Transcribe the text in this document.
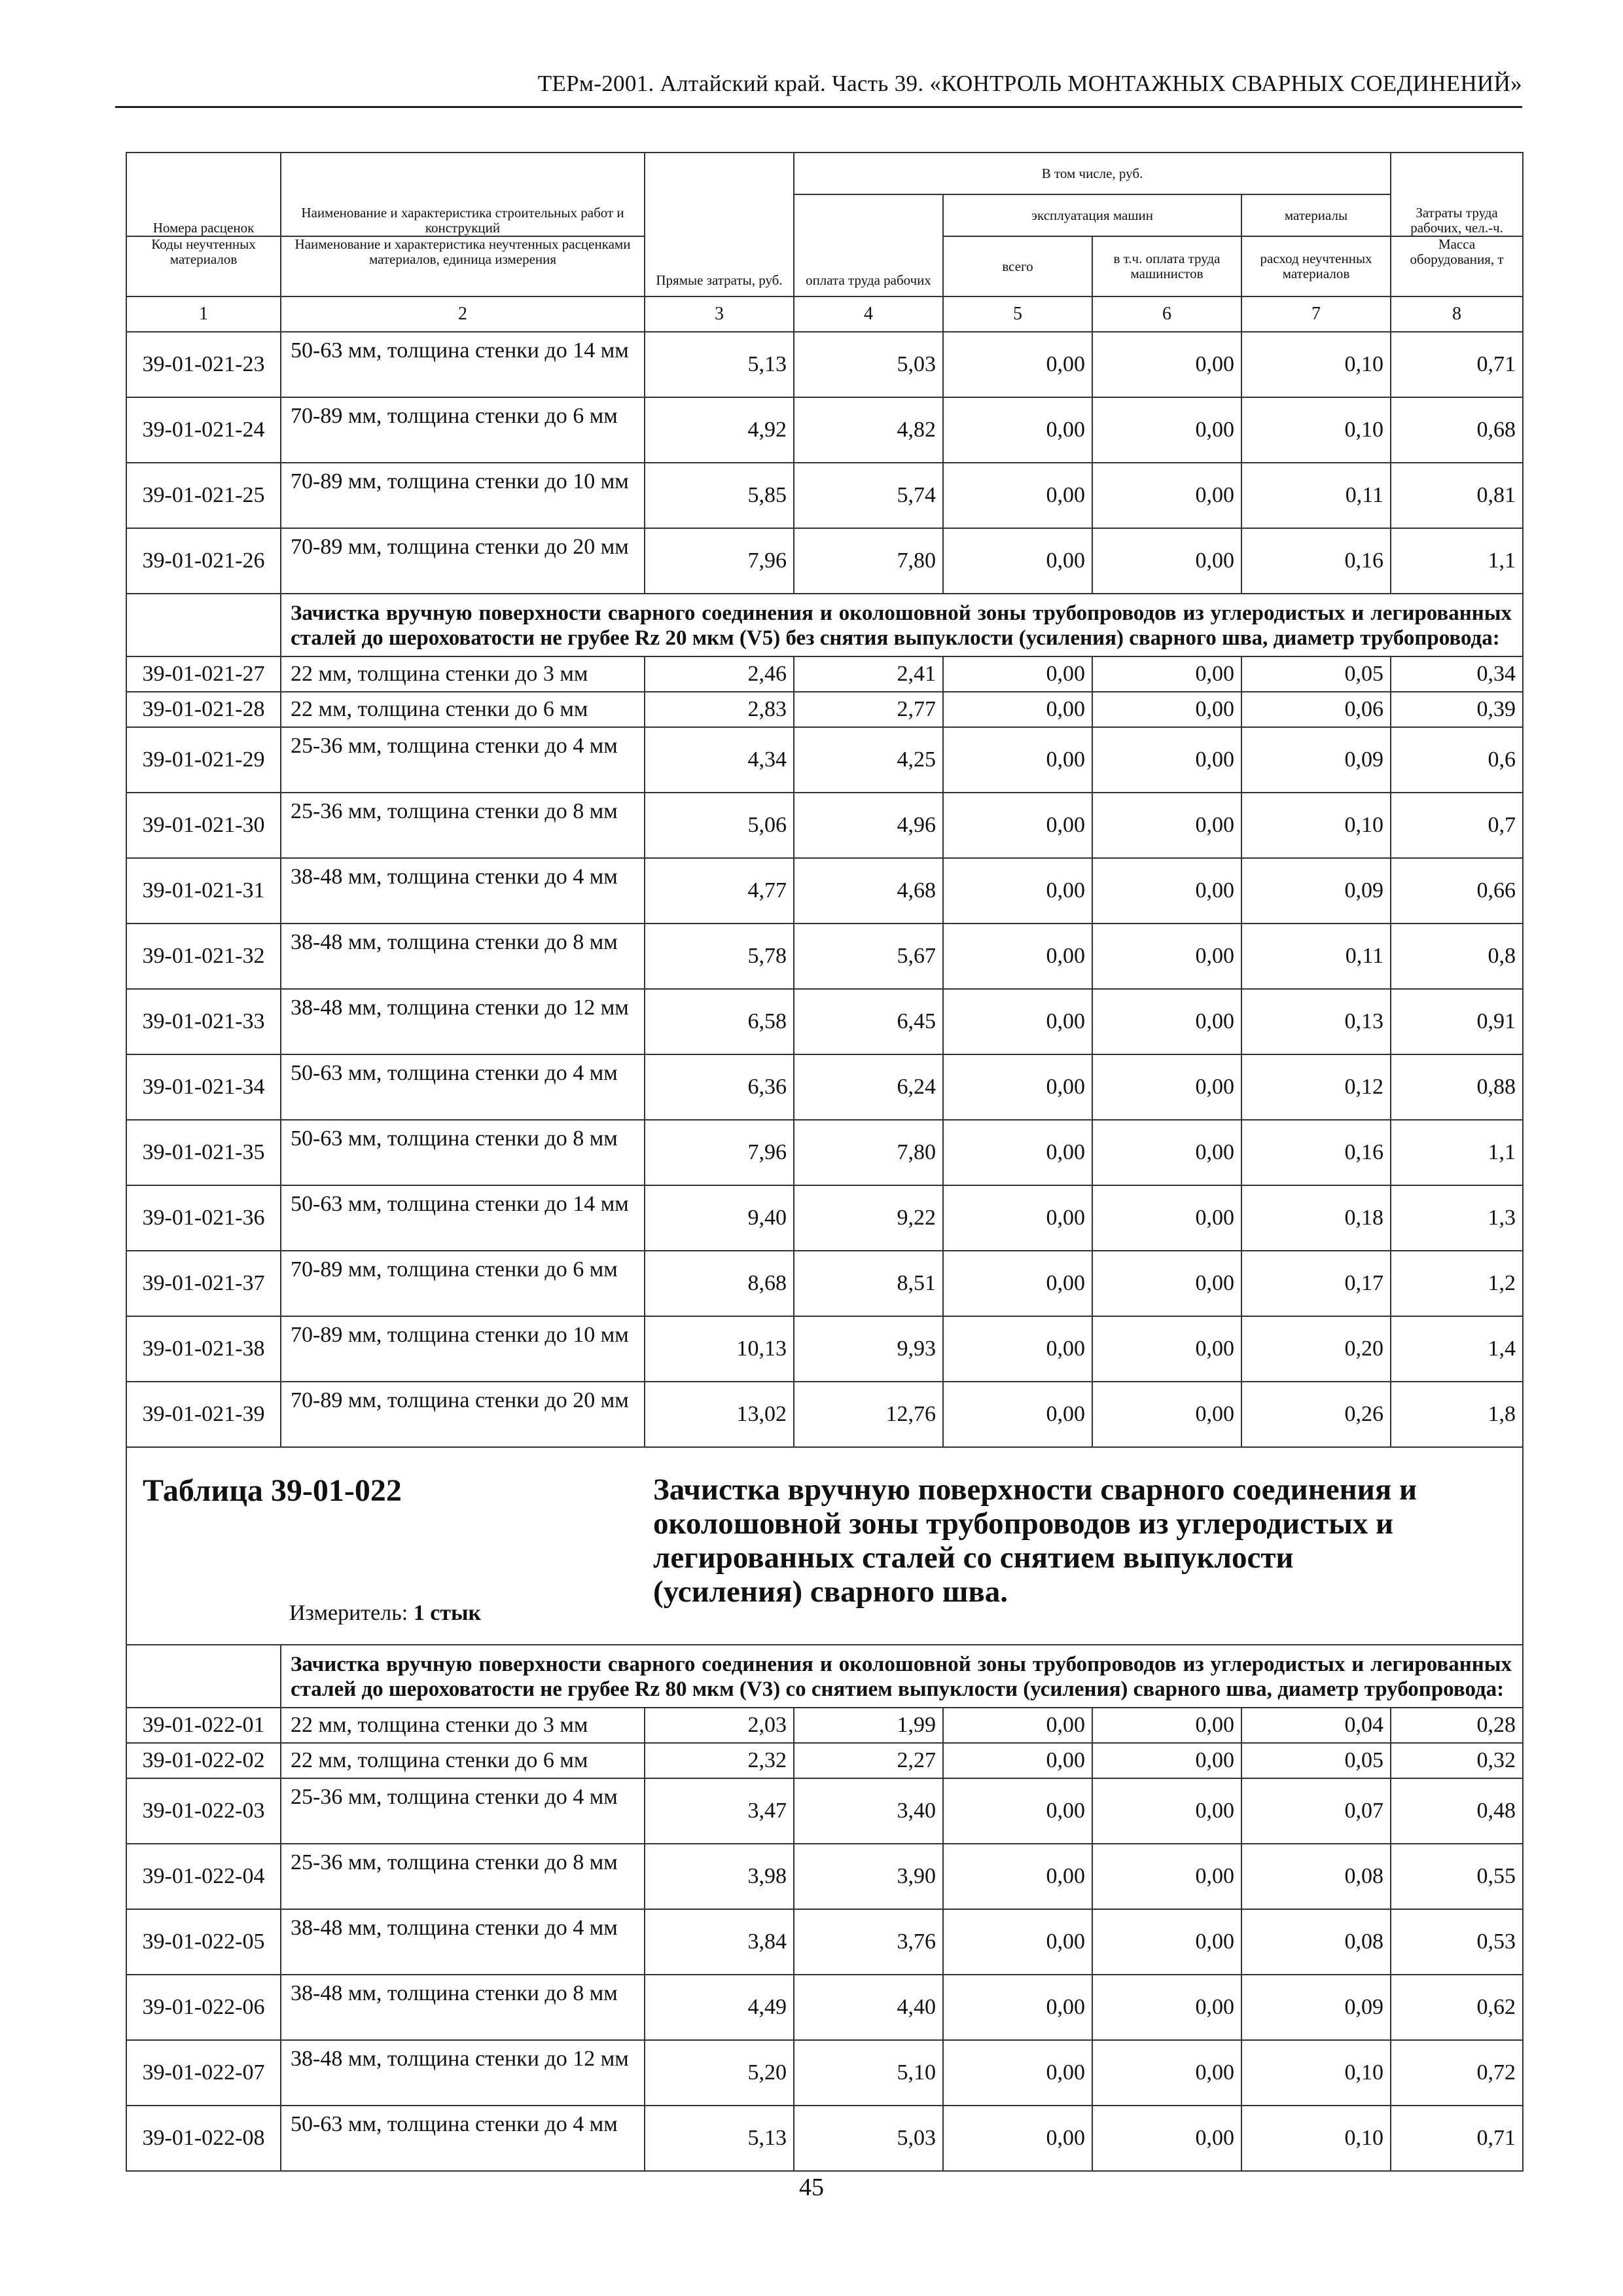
ТЕРм-2001. Алтайский край. Часть 39. «КОНТРОЛЬ МОНТАЖНЫХ СВАРНЫХ СОЕДИНЕНИЙ»
Номера расценок	Наименование и характеристика строительных работ и конструкций	Прямые затраты, руб.	В том числе, руб.				Затраты труда рабочих, чел.-ч.

			оплата труда рабочих	эксплуатация машин		материалы	

Коды неучтенных материалов	Наименование и характеристика неучтенных расценками материалов, единица измерения			всего	в т.ч. оплата труда машинистов	расход неучтенных материалов	Масса оборудования, т
1	2	3	4	5	6	7	8
39-01-021-23	50-63 мм, толщина стенки до 14 мм	5,13	5,03	0,00	0,00	0,10	0,71
39-01-021-24	70-89 мм, толщина стенки до 6 мм	4,92	4,82	0,00	0,00	0,10	0,68
39-01-021-25	70-89 мм, толщина стенки до 10 мм	5,85	5,74	0,00	0,00	0,11	0,81
39-01-021-26	70-89 мм, толщина стенки до 20 мм	7,96	7,80	0,00	0,00	0,16	1,1
	Зачистка вручную поверхности сварного соединения и околошовной зоны трубопроводов из углеродистых и легированных сталей до шероховатости не грубее Rz 20 мкм (V5) без снятия выпуклости (усиления) сварного шва, диаметр трубопровода:						
39-01-021-27	22 мм, толщина стенки до 3 мм	2,46	2,41	0,00	0,00	0,05	0,34
39-01-021-28	22 мм, толщина стенки до 6 мм	2,83	2,77	0,00	0,00	0,06	0,39
39-01-021-29	25-36 мм, толщина стенки до 4 мм	4,34	4,25	0,00	0,00	0,09	0,6
39-01-021-30	25-36 мм, толщина стенки до 8 мм	5,06	4,96	0,00	0,00	0,10	0,7
39-01-021-31	38-48 мм, толщина стенки до 4 мм	4,77	4,68	0,00	0,00	0,09	0,66
39-01-021-32	38-48 мм, толщина стенки до 8 мм	5,78	5,67	0,00	0,00	0,11	0,8
39-01-021-33	38-48 мм, толщина стенки до 12 мм	6,58	6,45	0,00	0,00	0,13	0,91
39-01-021-34	50-63 мм, толщина стенки до 4 мм	6,36	6,24	0,00	0,00	0,12	0,88
39-01-021-35	50-63 мм, толщина стенки до 8 мм	7,96	7,80	0,00	0,00	0,16	1,1
39-01-021-36	50-63 мм, толщина стенки до 14 мм	9,40	9,22	0,00	0,00	0,18	1,3
39-01-021-37	70-89 мм, толщина стенки до 6 мм	8,68	8,51	0,00	0,00	0,17	1,2
39-01-021-38	70-89 мм, толщина стенки до 10 мм	10,13	9,93	0,00	0,00	0,20	1,4
39-01-021-39	70-89 мм, толщина стенки до 20 мм	13,02	12,76	0,00	0,00	0,26	1,8

Таблица 39-01-022 Зачистка вручную поверхности сварного соединения и околошовной зоны трубопроводов из углеродистых и легированных сталей со снятием выпуклости (усиления) сварного шва.
Измеритель: 1 стык							

	Зачистка вручную поверхности сварного соединения и околошовной зоны трубопроводов из углеродистых и легированных сталей до шероховатости не грубее Rz 80 мкм (V3) со снятием выпуклости (усиления) сварного шва, диаметр трубопровода:						
39-01-022-01	22 мм, толщина стенки до 3 мм	2,03	1,99	0,00	0,00	0,04	0,28
39-01-022-02	22 мм, толщина стенки до 6 мм	2,32	2,27	0,00	0,00	0,05	0,32
39-01-022-03	25-36 мм, толщина стенки до 4 мм	3,47	3,40	0,00	0,00	0,07	0,48
39-01-022-04	25-36 мм, толщина стенки до 8 мм	3,98	3,90	0,00	0,00	0,08	0,55
39-01-022-05	38-48 мм, толщина стенки до 4 мм	3,84	3,76	0,00	0,00	0,08	0,53
39-01-022-06	38-48 мм, толщина стенки до 8 мм	4,49	4,40	0,00	0,00	0,09	0,62
39-01-022-07	38-48 мм, толщина стенки до 12 мм	5,20	5,10	0,00	0,00	0,10	0,72
39-01-022-08	50-63 мм, толщина стенки до 4 мм	5,13	5,03	0,00	0,00	0,10	0,71
45
